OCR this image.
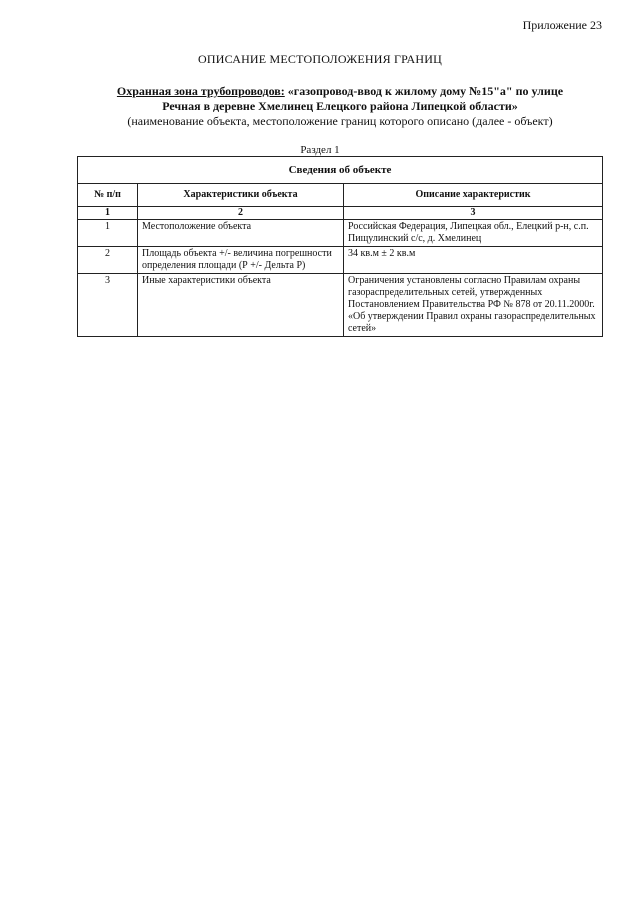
Приложение 23
ОПИСАНИЕ МЕСТОПОЛОЖЕНИЯ ГРАНИЦ
Охранная зона трубопроводов: «газопровод-ввод к жилому дому №15"а" по улице
Речная в деревне Хмелинец Елецкого района Липецкой области»
(наименование объекта, местоположение границ которого описано (далее - объект)
Раздел 1
Сведения об объекте		
№ п/п	Характеристики объекта	Описание характеристик
1	2	3
1	Местоположение объекта	Российская Федерация, Липецкая обл., Елецкий р-н, с.п. Пищулинский с/с, д. Хмелинец
2	Площадь объекта +/- величина погрешности определения площади (Р +/- Дельта Р)	34 кв.м ± 2 кв.м
3	Иные характеристики объекта	Ограничения установлены согласно Правилам охраны газораспределительных сетей, утвержденных Постановлением Правительства РФ № 878 от 20.11.2000г. «Об утверждении Правил охраны газораспределительных сетей»
